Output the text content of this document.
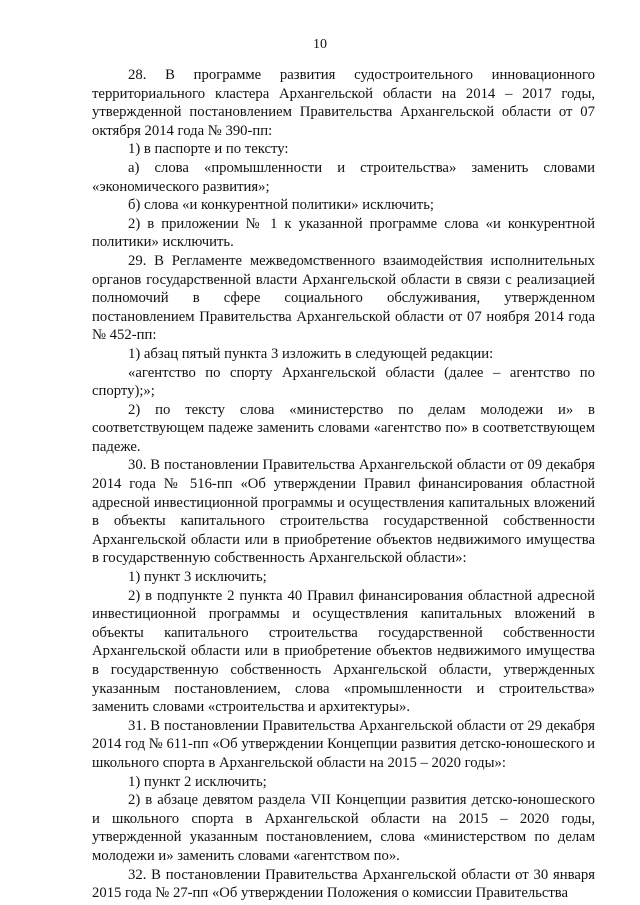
10

28. В программе развития судостроительного инновационного территориального кластера Архангельской области на 2014 – 2017 годы, утвержденной постановлением Правительства Архангельской области от 07 октября 2014 года № 390-пп:

1) в паспорте и по тексту:

а) слова «промышленности и строительства» заменить словами «экономического развития»;

б) слова «и конкурентной политики» исключить;

2) в приложении № 1 к указанной программе слова «и конкурентной политики» исключить.

29. В Регламенте межведомственного взаимодействия исполнительных органов государственной власти Архангельской области в связи с реализацией полномочий в сфере социального обслуживания, утвержденном постановлением Правительства Архангельской области от 07 ноября 2014 года № 452-пп:

1) абзац пятый пункта 3 изложить в следующей редакции:

«агентство по спорту Архангельской области (далее – агентство по спорту);»;

2) по тексту слова «министерство по делам молодежи и» в соответствующем падеже заменить словами «агентство по» в соответствующем падеже.

30. В постановлении Правительства Архангельской области от 09 декабря 2014 года № 516-пп «Об утверждении Правил финансирования областной адресной инвестиционной программы и осуществления капитальных вложений в объекты капитального строительства государственной собственности Архангельской области или в приобретение объектов недвижимого имущества в государственную собственность Архангельской области»:

1) пункт 3 исключить;

2) в подпункте 2 пункта 40 Правил финансирования областной адресной инвестиционной программы и осуществления капитальных вложений в объекты капитального строительства государственной собственности Архангельской области или в приобретение объектов недвижимого имущества в государственную собственность Архангельской области, утвержденных указанным постановлением, слова «промышленности и строительства» заменить словами «строительства и архитектуры».

31. В постановлении Правительства Архангельской области от 29 декабря 2014 год № 611-пп «Об утверждении Концепции развития детско-юношеского и школьного спорта в Архангельской области на 2015 – 2020 годы»:

1) пункт 2 исключить;

2) в абзаце девятом раздела VII Концепции развития детско-юношеского и школьного спорта в Архангельской области на 2015 – 2020 годы, утвержденной указанным постановлением, слова «министерством по делам молодежи и» заменить словами «агентством по».

32. В постановлении Правительства Архангельской области от 30 января 2015 года № 27-пп «Об утверждении Положения о комиссии Правительства
